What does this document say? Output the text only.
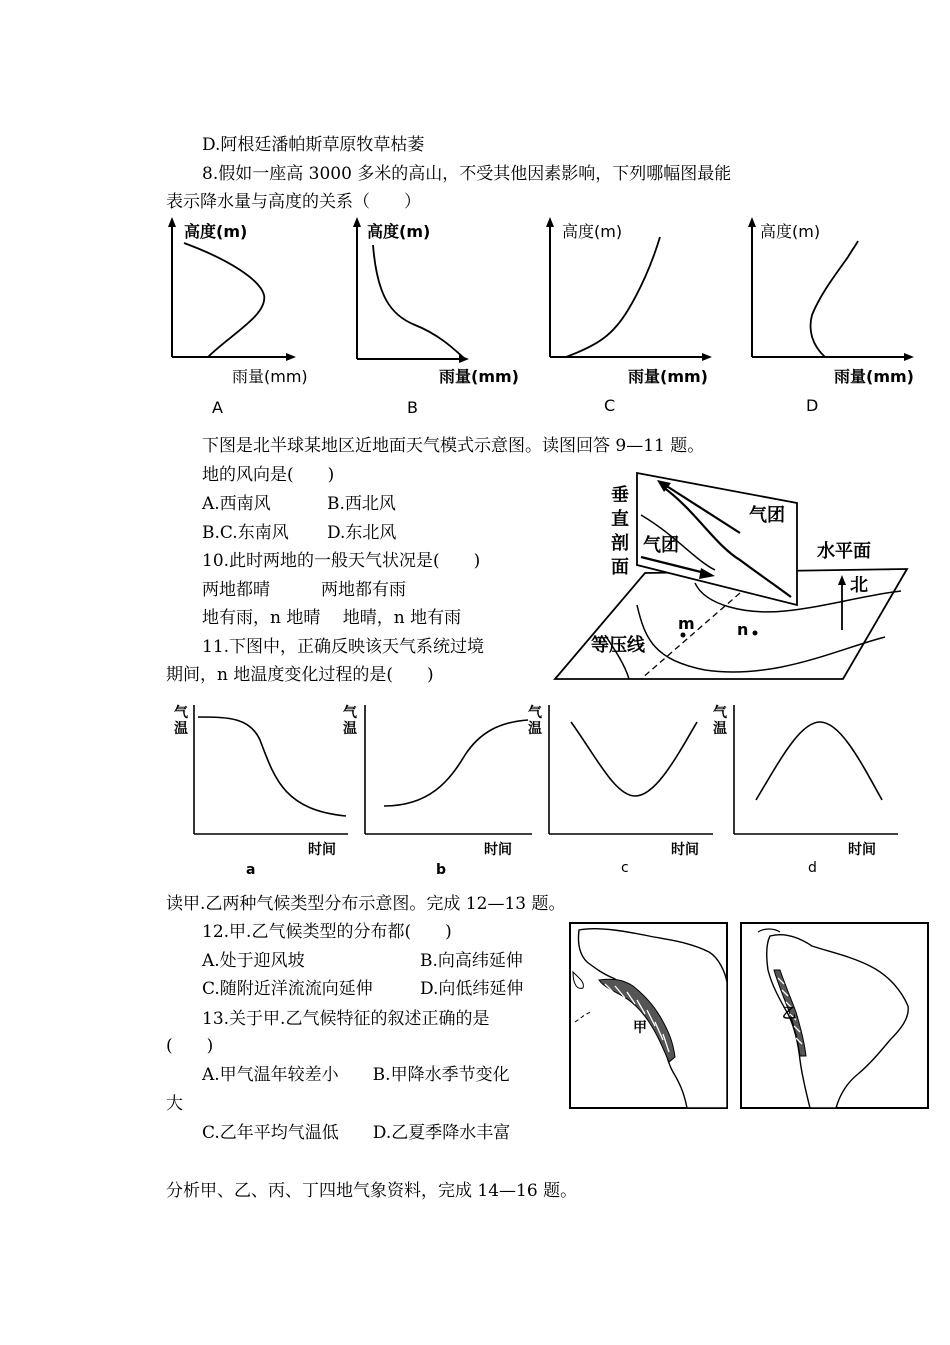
D.阿根廷潘帕斯草原牧草枯萎
8.假如一座高 3000 多米的高山，不受其他因素影响，下列哪幅图最能
表示降水量与高度的关系（　　）
高度(m)
雨量(mm)
A
高度(m)
雨量(mm)
B
高度(m)
雨量(mm)
C
高度(m)
雨量(mm)
D
下图是北半球某地区近地面天气模式示意图。读图回答 9—11 题。
地的风向是(　　)
A.西南风	B.西北风
B.C.东南风 D.东北风
10.此时两地的一般天气状况是(　　)
两地都晴　　　两地都有雨
地有雨，n 地晴　 地晴，n 地有雨
11.下图中，正确反映该天气系统过境
期间，n 地温度变化过程的是(　　)
垂
直
剖
面
气团
气团	水平面
北
等压线
m	n
气
温
时间
a
气
温
时间
b
气
温
时间
c
气
温
时间
d
读甲.乙两种气候类型分布示意图。完成 12—13 题。
12.甲.乙气候类型的分布都(　　)
A.处于迎风坡	B.向高纬延伸
C.随附近洋流流向延伸	D.向低纬延伸
13.关于甲.乙气候特征的叙述正确的是
(　　)
A.甲气温年较差小　　B.甲降水季节变化
大
C.乙年平均气温低　　D.乙夏季降水丰富
甲
乙
分析甲、乙、丙、丁四地气象资料，完成 14—16 题。
